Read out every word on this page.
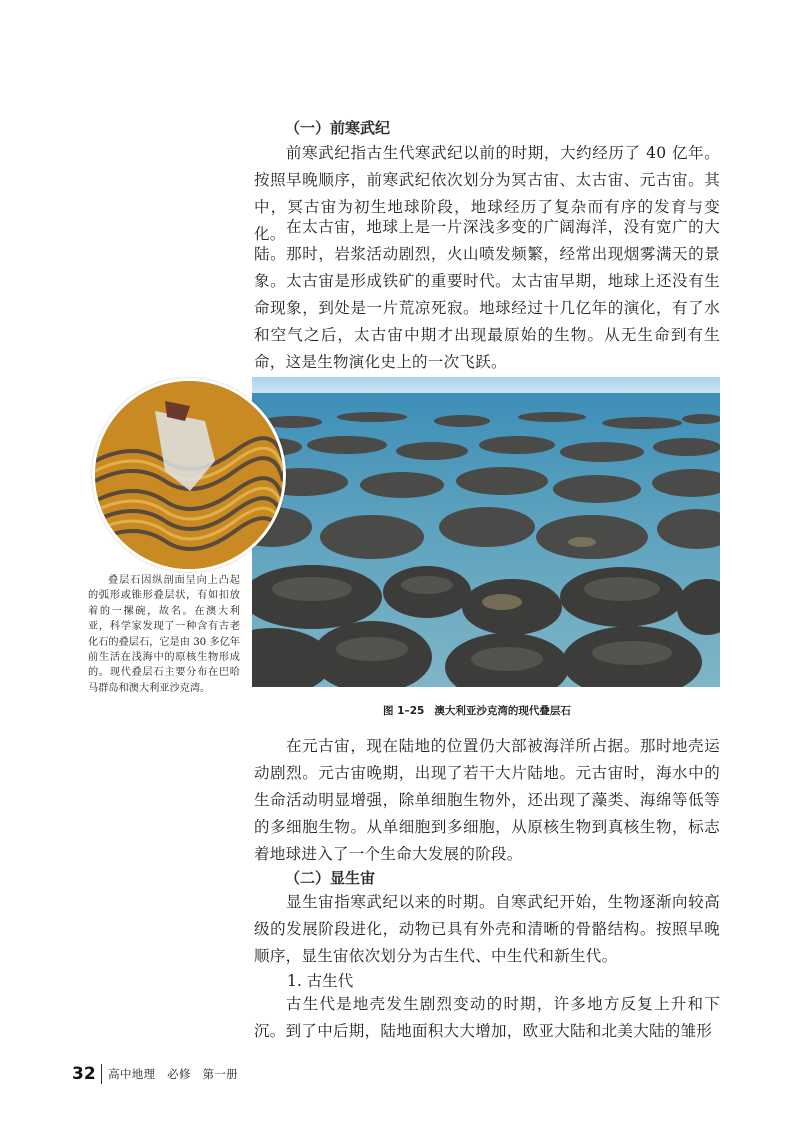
（一）前寒武纪

前寒武纪指古生代寒武纪以前的时期，大约经历了 40 亿年。按照早晚顺序，前寒武纪依次划分为冥古宙、太古宙、元古宙。其中，冥古宙为初生地球阶段，地球经历了复杂而有序的发育与变化。 在太古宙，地球上是一片深浅多变的广阔海洋，没有宽广的大陆。那时，岩浆活动剧烈，火山喷发频繁，经常出现烟雾满天的景象。太古宙是形成铁矿的重要时代。太古宙早期，地球上还没有生命现象，到处是一片荒凉死寂。地球经过十几亿年的演化，有了水和空气之后，太古宙中期才出现最原始的生物。从无生命到有生命，这是生物演化史上的一次飞跃。

图 1–25 澳大利亚沙克湾的现代叠层石

叠层石因纵剖面呈向上凸起的弧形或锥形叠层状，有如扣放着的一摞碗，故名。在澳大利亚，科学家发现了一种含有古老化石的叠层石，它是由 30 多亿年前生活在浅海中的原核生物形成的。现代叠层石主要分布在巴哈马群岛和澳大利亚沙克湾。

在元古宙，现在陆地的位置仍大部被海洋所占据。那时地壳运动剧烈。元古宙晚期，出现了若干大片陆地。元古宙时，海水中的生命活动明显增强，除单细胞生物外，还出现了藻类、海绵等低等的多细胞生物。从单细胞到多细胞，从原核生物到真核生物，标志着地球进入了一个生命大发展的阶段。

（二）显生宙

显生宙指寒武纪以来的时期。自寒武纪开始，生物逐渐向较高级的发展阶段进化，动物已具有外壳和清晰的骨骼结构。按照早晚顺序，显生宙依次划分为古生代、中生代和新生代。

1. 古生代

古生代是地壳发生剧烈变动的时期，许多地方反复上升和下沉。到了中后期，陆地面积大大增加，欧亚大陆和北美大陆的雏形

32 高中地理　必修　第一册
